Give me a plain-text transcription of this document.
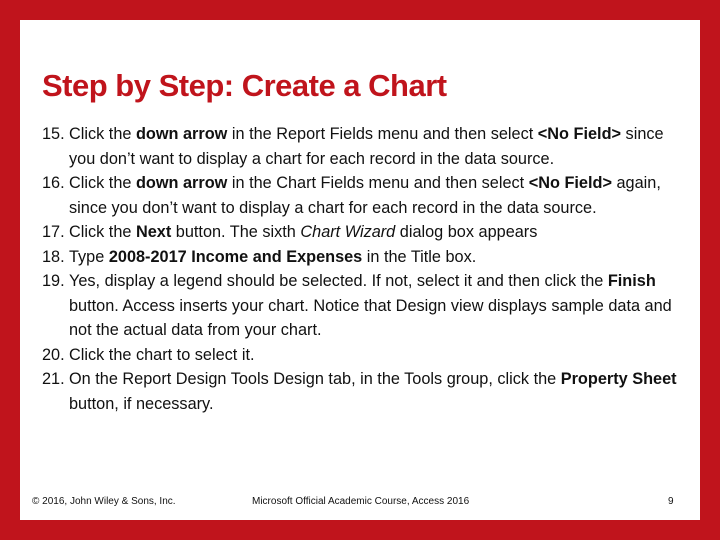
Step by Step: Create a Chart
15. Click the down arrow in the Report Fields menu and then select <No Field> since you don’t want to display a chart for each record in the data source.
16. Click the down arrow in the Chart Fields menu and then select <No Field> again, since you don’t want to display a chart for each record in the data source.
17. Click the Next button. The sixth Chart Wizard dialog box appears
18. Type 2008-2017 Income and Expenses in the Title box.
19. Yes, display a legend should be selected. If not, select it and then click the Finish button. Access inserts your chart. Notice that Design view displays sample data and not the actual data from your chart.
20. Click the chart to select it.
21. On the Report Design Tools Design tab, in the Tools group, click the Property Sheet button, if necessary.
© 2016, John Wiley & Sons, Inc.	Microsoft Official Academic Course, Access 2016	9
